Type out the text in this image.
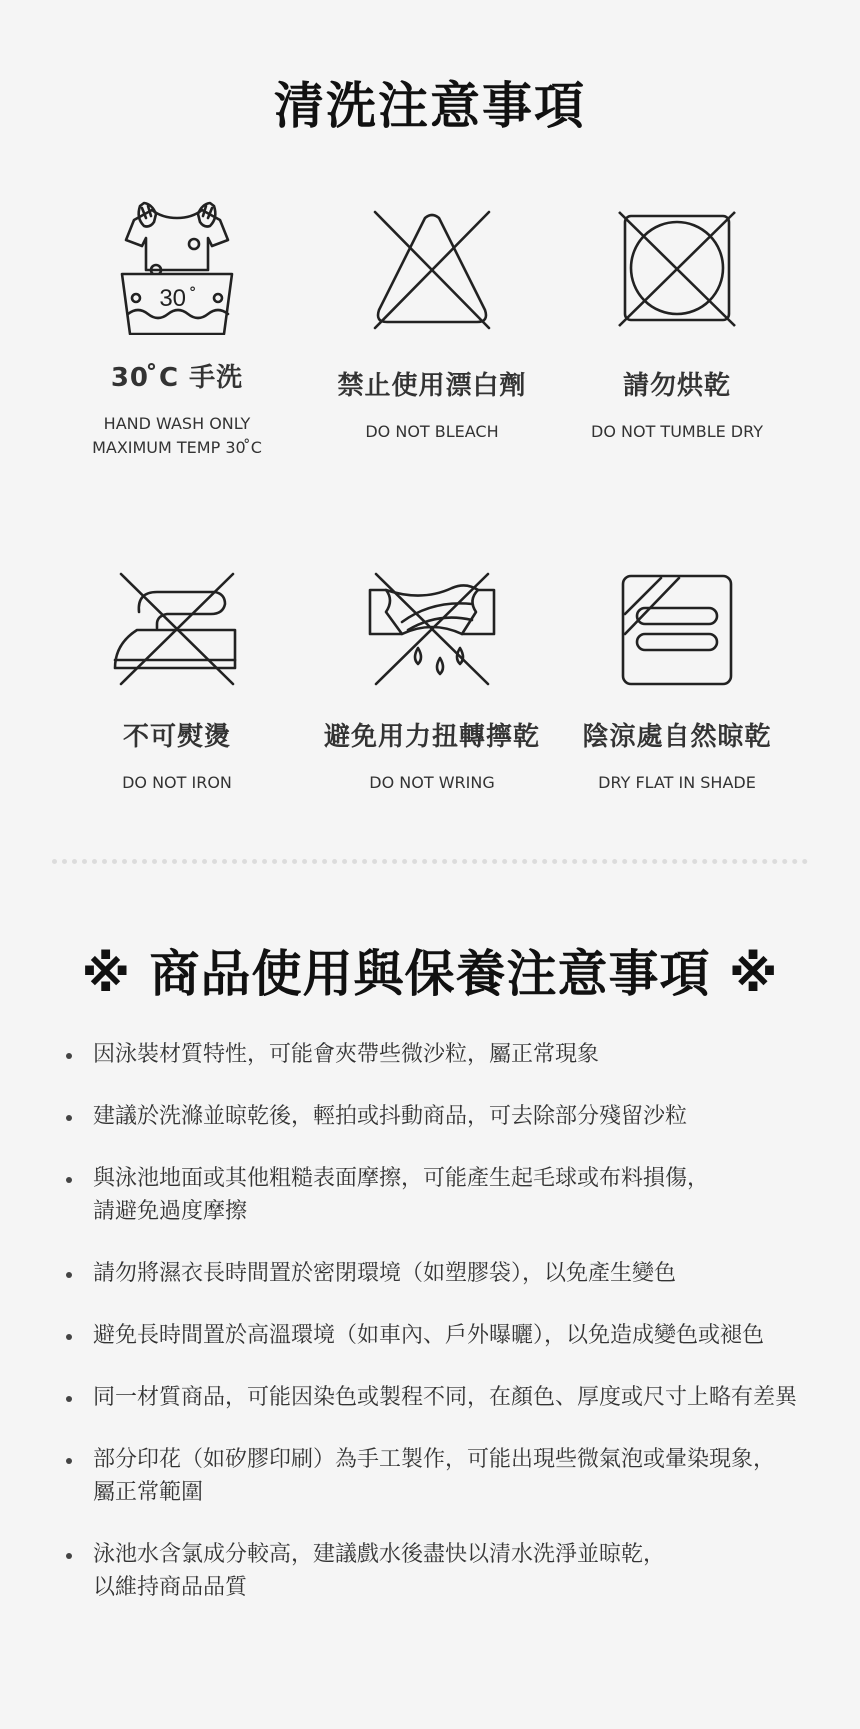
清洗注意事項
30 ̊
30 ̊C 手洗
HAND WASH ONLY
MAXIMUM TEMP 30 ̊C
禁止使用漂白劑
DO NOT BLEACH
請勿烘乾
DO NOT TUMBLE DRY
不可熨燙
DO NOT IRON
避免用力扭轉擰乾
DO NOT WRING
陰涼處自然晾乾
DRY FLAT IN SHADE
※ 商品使用與保養注意事項 ※
因泳裝材質特性，可能會夾帶些微沙粒，屬正常現象
建議於洗滌並晾乾後，輕拍或抖動商品，可去除部分殘留沙粒
與泳池地面或其他粗糙表面摩擦，可能產生起毛球或布料損傷，
請避免過度摩擦
請勿將濕衣長時間置於密閉環境（如塑膠袋），以免產生變色
避免長時間置於高溫環境（如車內、戶外曝曬），以免造成變色或褪色
同一材質商品，可能因染色或製程不同，在顏色、厚度或尺寸上略有差異
部分印花（如矽膠印刷）為手工製作，可能出現些微氣泡或暈染現象，
屬正常範圍
泳池水含氯成分較高，建議戲水後盡快以清水洗淨並晾乾，
以維持商品品質
